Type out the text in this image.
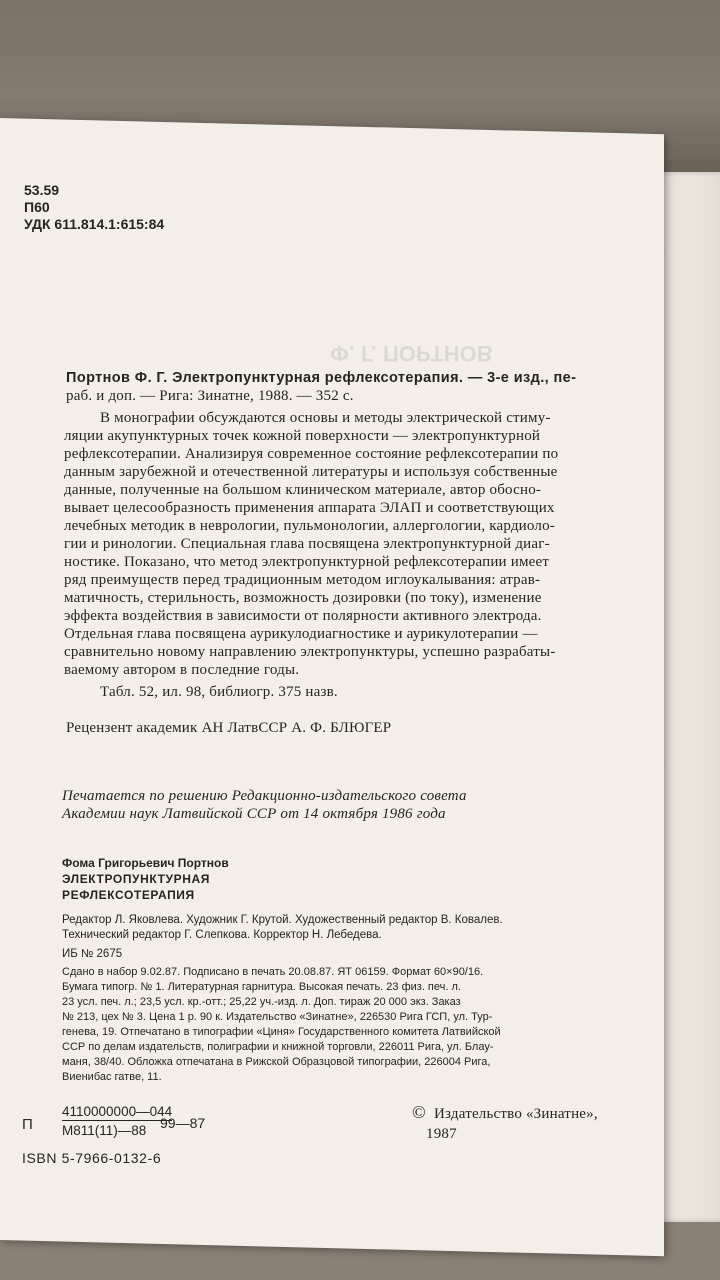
Ф. Г. ПОРТНОВ
53.59
П60
УДК 611.814.1:615:84
Портнов Ф. Г. Электропунктурная рефлексотерапия. — 3-е изд., пе-
раб. и доп. — Рига: Зинатне, 1988. — 352 с.
В монографии обсуждаются основы и методы электрической стиму-
ляции акупунктурных точек кожной поверхности — электропунктурной
рефлексотерапии. Анализируя современное состояние рефлексотерапии по
данным зарубежной и отечественной литературы и используя собственные
данные, полученные на большом клиническом материале, автор обосно-
вывает целесообразность применения аппарата ЭЛАП и соответствующих
лечебных методик в неврологии, пульмонологии, аллергологии, кардиоло-
гии и ринологии. Специальная глава посвящена электропунктурной диаг-
ностике. Показано, что метод электропунктурной рефлексотерапии имеет
ряд преимуществ перед традиционным методом иглоукалывания: атрав-
матичность, стерильность, возможность дозировки (по току), изменение
эффекта воздействия в зависимости от полярности активного электрода.
Отдельная глава посвящена аурикулодиагностике и аурикулотерапии —
сравнительно новому направлению электропунктуры, успешно разрабаты-
ваемому автором в последние годы.
Табл. 52, ил. 98, библиогр. 375 назв.
Рецензент академик АН ЛатвССР А. Ф. БЛЮГЕР
Печатается по решению Редакционно-издательского совета
Академии наук Латвийской ССР от 14 октября 1986 года
Фома Григорьевич Портнов
ЭЛЕКТРОПУНКТУРНАЯ
РЕФЛЕКСОТЕРАПИЯ
Редактор Л. Яковлева. Художник Г. Крутой. Художественный редактор В. Ковалев.
Технический редактор Г. Слепкова. Корректор Н. Лебедева.
ИБ № 2675
Сдано в набор 9.02.87. Подписано в печать 20.08.87. ЯТ 06159. Формат 60×90/16.
Бумага типогр. № 1. Литературная гарнитура. Высокая печать. 23 физ. печ. л.
23 усл. печ. л.; 23,5 усл. кр.-отт.; 25,22 уч.-изд. л. Доп. тираж 20 000 экз. Заказ
№ 213, цех № 3. Цена 1 р. 90 к. Издательство «Зинатне», 226530 Рига ГСП, ул. Тур-
генева, 19. Отпечатано в типографии «Циня» Государственного комитета Латвийской
ССР по делам издательств, полиграфии и книжной торговли, 226011 Рига, ул. Блау-
маня, 38/40. Обложка отпечатана в Рижской Образцовой типографии, 226004 Рига,
Виенибас гатве, 11.
П
4110000000—044
М811(11)—88 99—87
ISBN 5-7966-0132-6
© Издательство «Зинатне»,
1987
